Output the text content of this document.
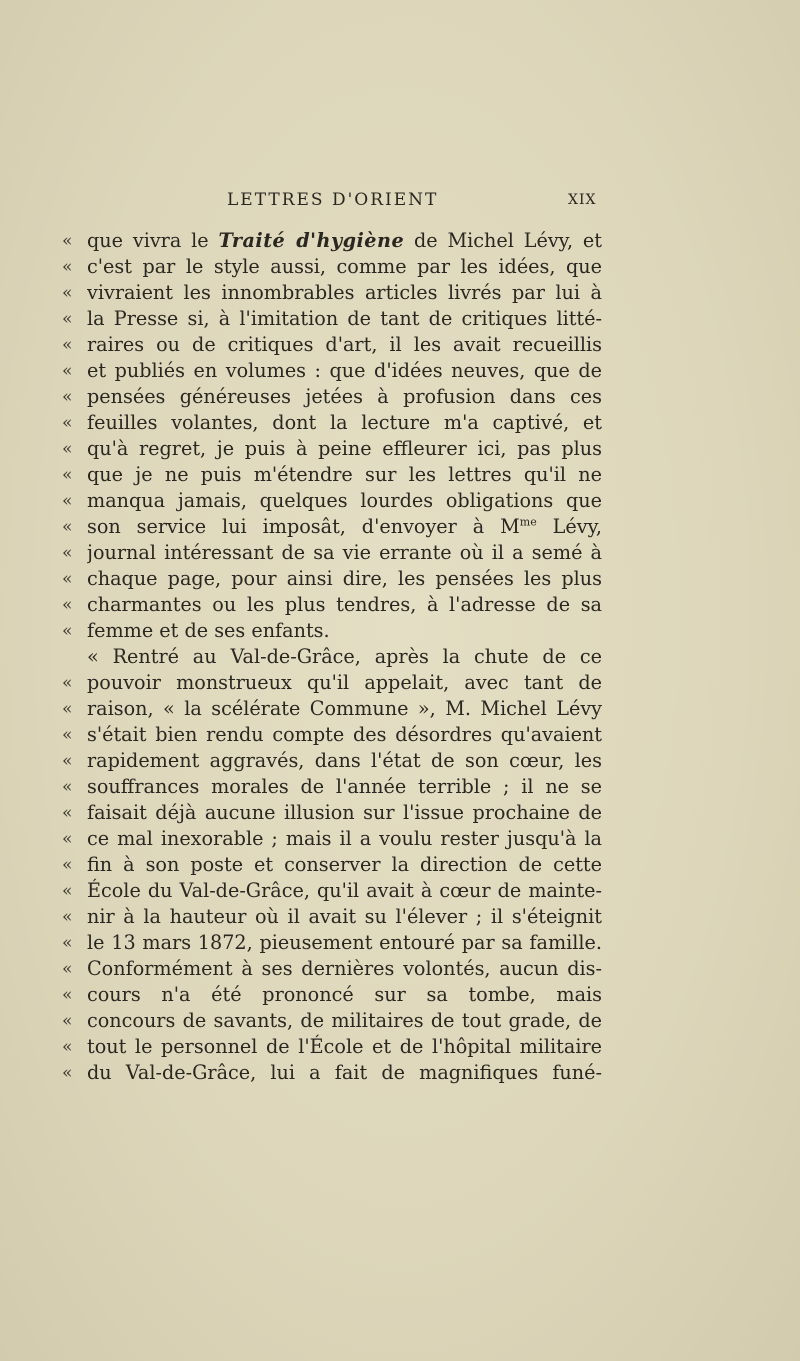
LETTRES D'ORIENT	XIX
« que vivra le Traité d'hygiène de Michel Lévy, et
« c'est par le style aussi, comme par les idées, que
« vivraient les innombrables articles livrés par lui à
« la Presse si, à l'imitation de tant de critiques litté-
« raires ou de critiques d'art, il les avait recueillis
« et publiés en volumes : que d'idées neuves, que de
« pensées généreuses jetées à profusion dans ces
« feuilles volantes, dont la lecture m'a captivé, et
« qu'à regret, je puis à peine effleurer ici, pas plus
« que je ne puis m'étendre sur les lettres qu'il ne
« manqua jamais, quelques lourdes obligations que
« son service lui imposât, d'envoyer à $M^{me}$ Lévy,
« journal intéressant de sa vie errante où il a semé à
« chaque page, pour ainsi dire, les pensées les plus
« charmantes ou les plus tendres, à l'adresse de sa
« femme et de ses enfants.
« Rentré au Val-de-Grâce, après la chute de ce
« pouvoir monstrueux qu'il appelait, avec tant de
« raison, « la scélérate Commune », M. Michel Lévy
« s'était bien rendu compte des désordres qu'avaient
« rapidement aggravés, dans l'état de son cœur, les
« souffrances morales de l'année terrible ; il ne se
« faisait déjà aucune illusion sur l'issue prochaine de
« ce mal inexorable ; mais il a voulu rester jusqu'à la
« fin à son poste et conserver la direction de cette
« École du Val-de-Grâce, qu'il avait à cœur de mainte-
« nir à la hauteur où il avait su l'élever ; il s'éteignit
« le 13 mars 1872, pieusement entouré par sa famille.
« Conformément à ses dernières volontés, aucun dis-
« cours n'a été prononcé sur sa tombe, mais
« concours de savants, de militaires de tout grade, de
« tout le personnel de l'École et de l'hôpital militaire
« du Val-de-Grâce, lui a fait de magnifiques funé-
